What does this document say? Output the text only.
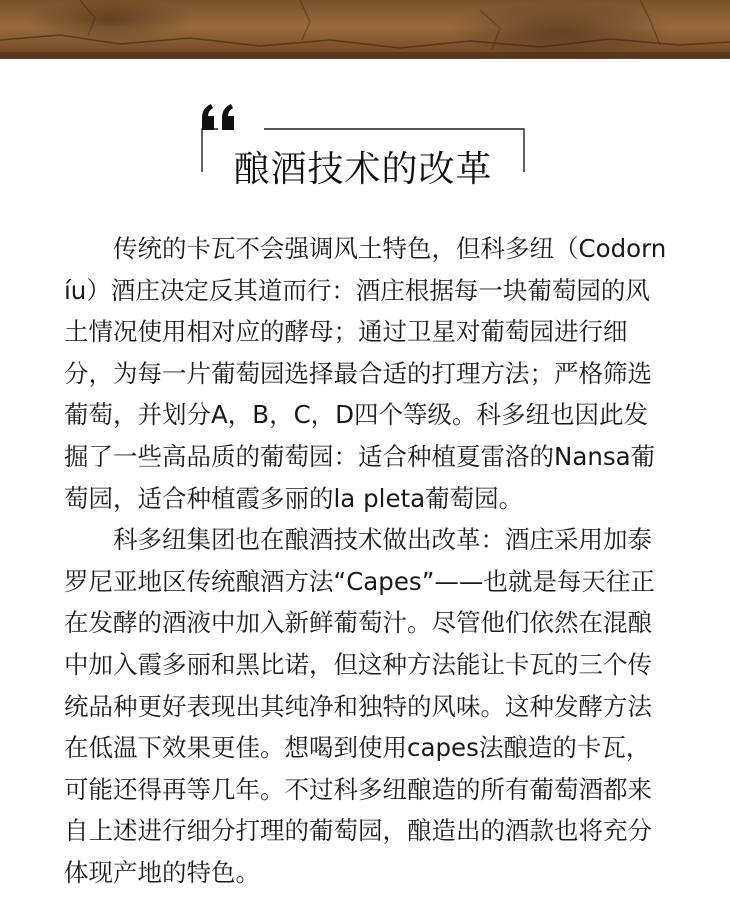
酿酒技术的改革

传统的卡瓦不会强调风土特色，但科多纽（Codorníu）酒庄决定反其道而行：酒庄根据每一块葡萄园的风土情况使用相对应的酵母；通过卫星对葡萄园进行细分，为每一片葡萄园选择最合适的打理方法；严格筛选葡萄，并划分A，B，C，D四个等级。科多纽也因此发掘了一些高品质的葡萄园：适合种植夏雷洛的Nansa葡萄园，适合种植霞多丽的la pleta葡萄园。

科多纽集团也在酿酒技术做出改革：酒庄采用加泰罗尼亚地区传统酿酒方法“Capes”——也就是每天往正在发酵的酒液中加入新鲜葡萄汁。尽管他们依然在混酿中加入霞多丽和黑比诺，但这种方法能让卡瓦的三个传统品种更好表现出其纯净和独特的风味。这种发酵方法在低温下效果更佳。想喝到使用capes法酿造的卡瓦，可能还得再等几年。不过科多纽酿造的所有葡萄酒都来自上述进行细分打理的葡萄园，酿造出的酒款也将充分体现产地的特色。
